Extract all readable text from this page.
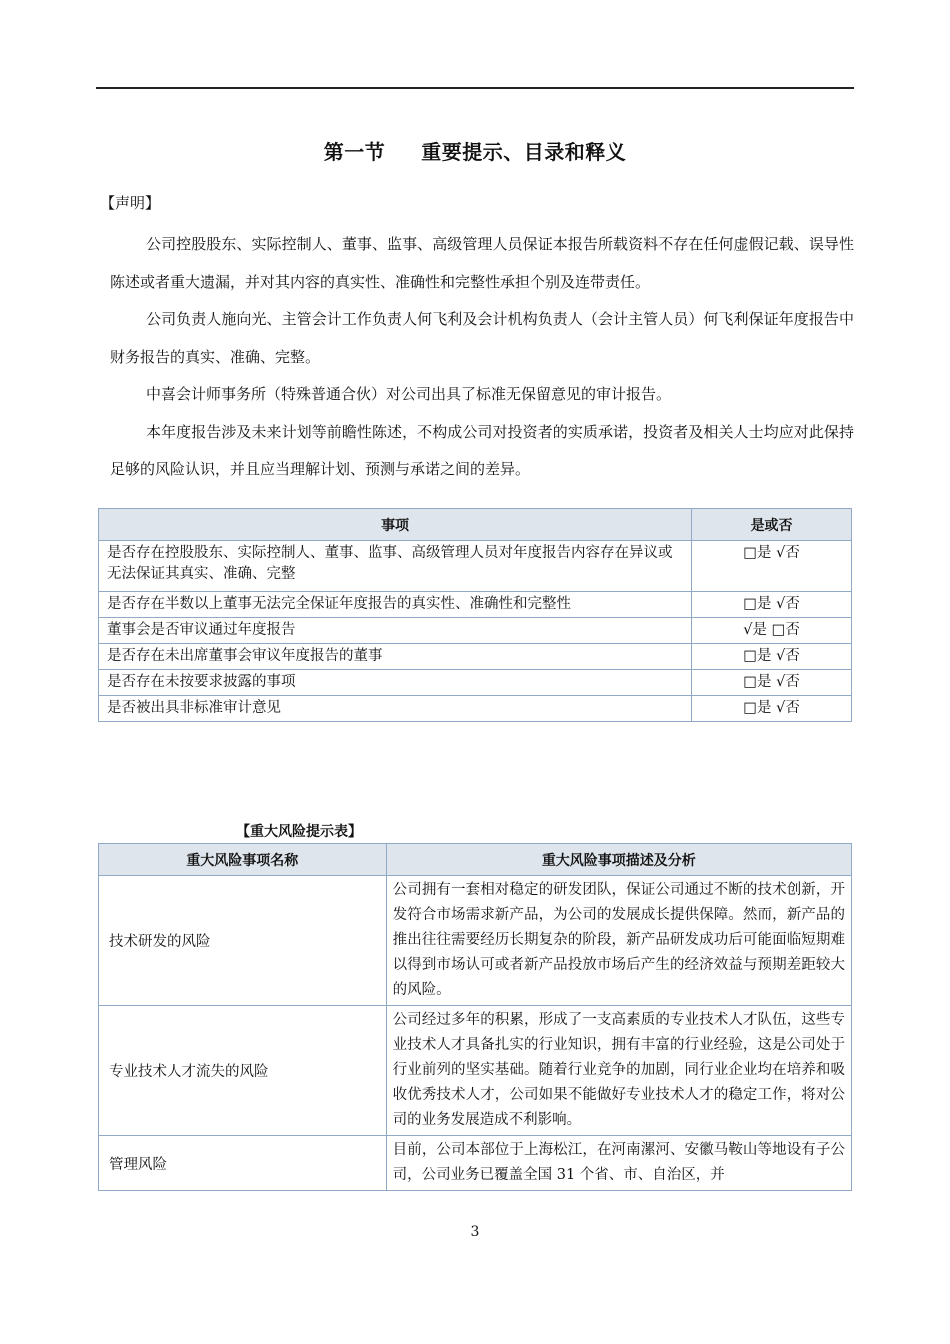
第一节 重要提示、目录和释义
【声明】

公司控股股东、实际控制人、董事、监事、高级管理人员保证本报告所载资料不存在任何虚假记载、误导性陈述或者重大遗漏，并对其内容的真实性、准确性和完整性承担个别及连带责任。

公司负责人施向光、主管会计工作负责人何飞利及会计机构负责人（会计主管人员）何飞利保证年度报告中财务报告的真实、准确、完整。

中喜会计师事务所（特殊普通合伙）对公司出具了标准无保留意见的审计报告。

本年度报告涉及未来计划等前瞻性陈述，不构成公司对投资者的实质承诺，投资者及相关人士均应对此保持足够的风险认识，并且应当理解计划、预测与承诺之间的差异。

事项	是或否
是否存在控股股东、实际控制人、董事、监事、高级管理人员对年度报告内容存在异议或无法保证其真实、准确、完整	□是 √否
是否存在半数以上董事无法完全保证年度报告的真实性、准确性和完整性	□是 √否
董事会是否审议通过年度报告	√是 □否
是否存在未出席董事会审议年度报告的董事	□是 √否
是否存在未按要求披露的事项	□是 √否
是否被出具非标准审计意见	□是 √否
【重大风险提示表】
重大风险事项名称	重大风险事项描述及分析
技术研发的风险	公司拥有一套相对稳定的研发团队，保证公司通过不断的技术创新，开发符合市场需求新产品，为公司的发展成长提供保障。然而，新产品的推出往往需要经历长期复杂的阶段，新产品研发成功后可能面临短期难以得到市场认可或者新产品投放市场后产生的经济效益与预期差距较大的风险。
专业技术人才流失的风险	公司经过多年的积累，形成了一支高素质的专业技术人才队伍，这些专业技术人才具备扎实的行业知识，拥有丰富的行业经验，这是公司处于行业前列的坚实基础。随着行业竞争的加剧，同行业企业均在培养和吸收优秀技术人才，公司如果不能做好专业技术人才的稳定工作，将对公司的业务发展造成不利影响。
管理风险	目前，公司本部位于上海松江，在河南漯河、安徽马鞍山等地设有子公司，公司业务已覆盖全国 31 个省、市、自治区，并
3
